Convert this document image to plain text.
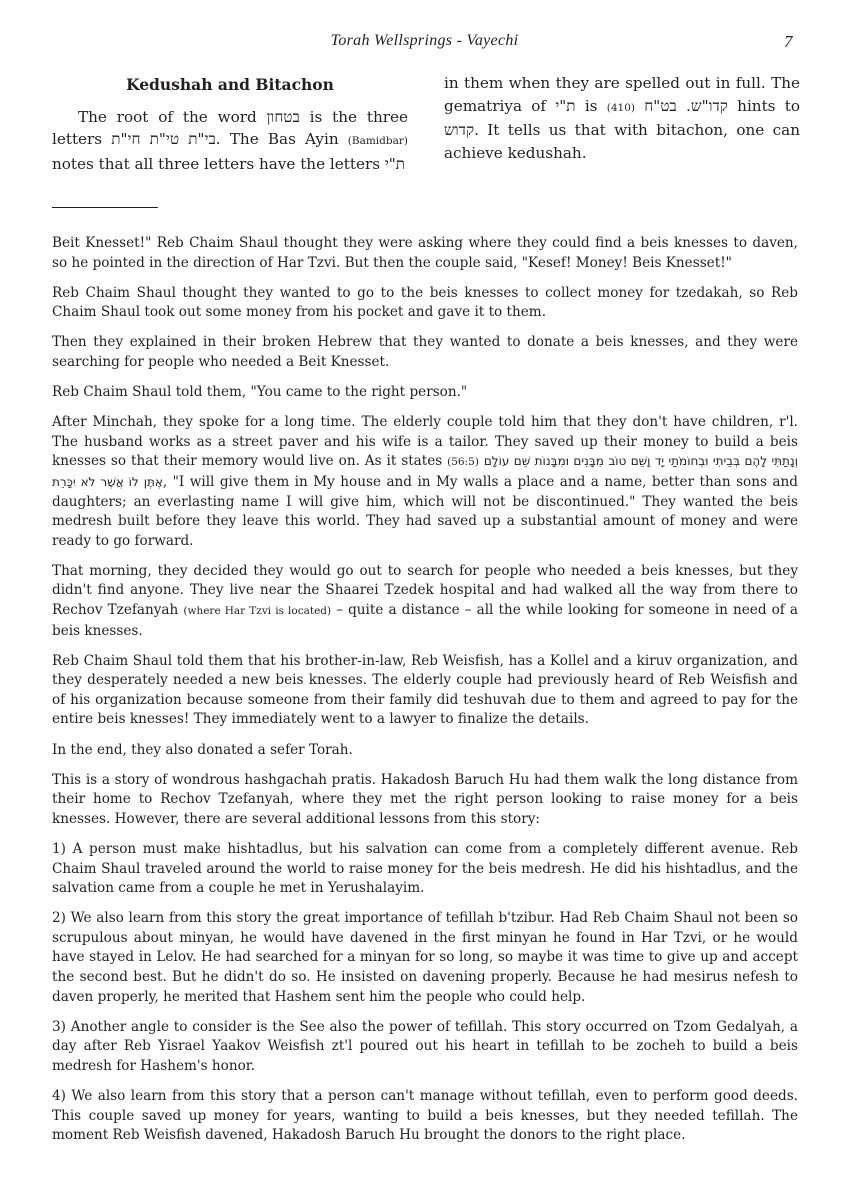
Torah Wellsprings - Vayechi	7
Kedushah and Bitachon
The root of the word בטחון is the three letters בי"ת טי"ת חי"ת. The Bas Ayin (Bamidbar) notes that all three letters have the letters ת"י
in them when they are spelled out in full. The gematriya of ת"י is (410) קדו"ש. בט"ח hints to קדוש. It tells us that with bitachon, one can achieve kedushah.

Beit Knesset!" Reb Chaim Shaul thought they were asking where they could find a beis knesses to daven, so he pointed in the direction of Har Tzvi. But then the couple said, "Kesef! Money! Beis Knesset!"

Reb Chaim Shaul thought they wanted to go to the beis knesses to collect money for tzedakah, so Reb Chaim Shaul took out some money from his pocket and gave it to them.

Then they explained in their broken Hebrew that they wanted to donate a beis knesses, and they were searching for people who needed a Beit Knesset.

Reb Chaim Shaul told them, "You came to the right person."

After Minchah, they spoke for a long time. The elderly couple told him that they don't have children, r'l. The husband works as a street paver and his wife is a tailor. They saved up their money to build a beis knesses so that their memory would live on. As it states (56:5) וְנָתַתִּי לָהֶם בְּבֵיתִי וּבְחוֹמֹתַי יָד וָשֵׁם טוֹב מִבָּנִים וּמִבָּנוֹת שֵׁם עוֹלָם אֶתֶּן לוֹ אֲשֶׁר לֹא יִכָּרֵת, "I will give them in My house and in My walls a place and a name, better than sons and daughters; an everlasting name I will give him, which will not be discontinued." They wanted the beis medresh built before they leave this world. They had saved up a substantial amount of money and were ready to go forward.

That morning, they decided they would go out to search for people who needed a beis knesses, but they didn't find anyone. They live near the Shaarei Tzedek hospital and had walked all the way from there to Rechov Tzefanyah (where Har Tzvi is located) – quite a distance – all the while looking for someone in need of a beis knesses.

Reb Chaim Shaul told them that his brother-in-law, Reb Weisfish, has a Kollel and a kiruv organization, and they desperately needed a new beis knesses. The elderly couple had previously heard of Reb Weisfish and of his organization because someone from their family did teshuvah due to them and agreed to pay for the entire beis knesses! They immediately went to a lawyer to finalize the details.

In the end, they also donated a sefer Torah.

This is a story of wondrous hashgachah pratis. Hakadosh Baruch Hu had them walk the long distance from their home to Rechov Tzefanyah, where they met the right person looking to raise money for a beis knesses. However, there are several additional lessons from this story:

1) A person must make hishtadlus, but his salvation can come from a completely different avenue. Reb Chaim Shaul traveled around the world to raise money for the beis medresh. He did his hishtadlus, and the salvation came from a couple he met in Yerushalayim.

2) We also learn from this story the great importance of tefillah b'tzibur. Had Reb Chaim Shaul not been so scrupulous about minyan, he would have davened in the first minyan he found in Har Tzvi, or he would have stayed in Lelov. He had searched for a minyan for so long, so maybe it was time to give up and accept the second best. But he didn't do so. He insisted on davening properly. Because he had mesirus nefesh to daven properly, he merited that Hashem sent him the people who could help.

3) Another angle to consider is the See also the power of tefillah. This story occurred on Tzom Gedalyah, a day after Reb Yisrael Yaakov Weisfish zt'l poured out his heart in tefillah to be zocheh to build a beis medresh for Hashem's honor.

4) We also learn from this story that a person can't manage without tefillah, even to perform good deeds. This couple saved up money for years, wanting to build a beis knesses, but they needed tefillah. The moment Reb Weisfish davened, Hakadosh Baruch Hu brought the donors to the right place.
